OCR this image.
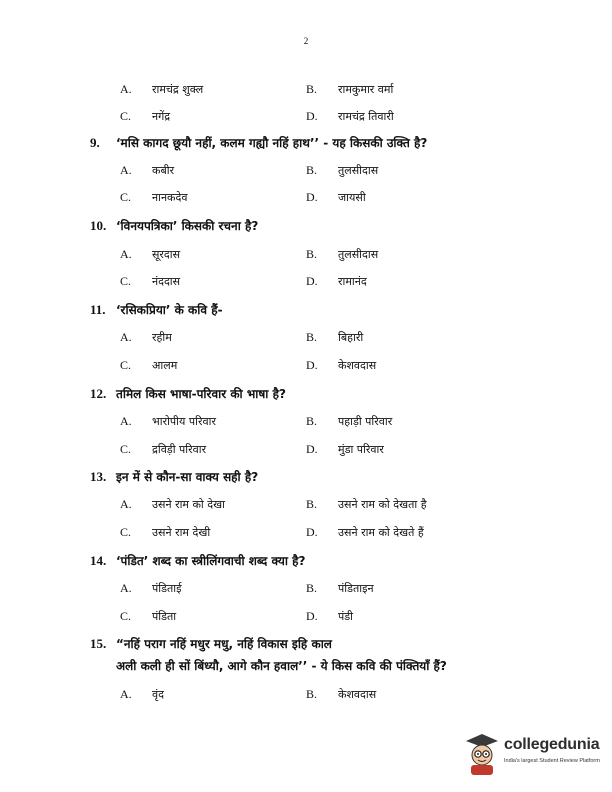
2
A. रामचंद्र शुक्ल	B. रामकुमार वर्मा
C. नगेंद्र	D. रामचंद्र तिवारी
9. ‘मसि कागद छूयौ नहीं, कलम गह्यौ नहिं हाथ’’ - यह किसकी उक्ति है?
A. कबीर	B. तुलसीदास
C. नानकदेव	D. जायसी
10. ‘विनयपत्रिका’ किसकी रचना है?
A. सूरदास	B. तुलसीदास
C. नंददास	D. रामानंद
11. ‘रसिकप्रिया’ के कवि हैं-
A. रहीम	B. बिहारी
C. आलम	D. केशवदास
12. तमिल किस भाषा-परिवार की भाषा है?
A. भारोपीय परिवार	B. पहाड़ी परिवार
C. द्रविड़ी परिवार	D. मुंडा परिवार
13. इन में से कौन-सा वाक्य सही है?
A. उसने राम को देखा	B. उसने राम को देखता है
C. उसने राम देखी	D. उसने राम को देखते हैं
14. ‘पंडित’ शब्द का स्त्रीलिंगवाची शब्द क्या है?
A. पंडिताई	B. पंडिताइन
C. पंडिता	D. पंडी
15. “नहिं पराग नहिं मधुर मधु, नहिं विकास इहि काल
अली कली ही सों बिंध्यौ, आगे कौन हवाल’’ - ये किस कवि की पंक्तियाँ हैं?
A. वृंद	B. केशवदास
collegedunia
India's largest Student Review Platform
